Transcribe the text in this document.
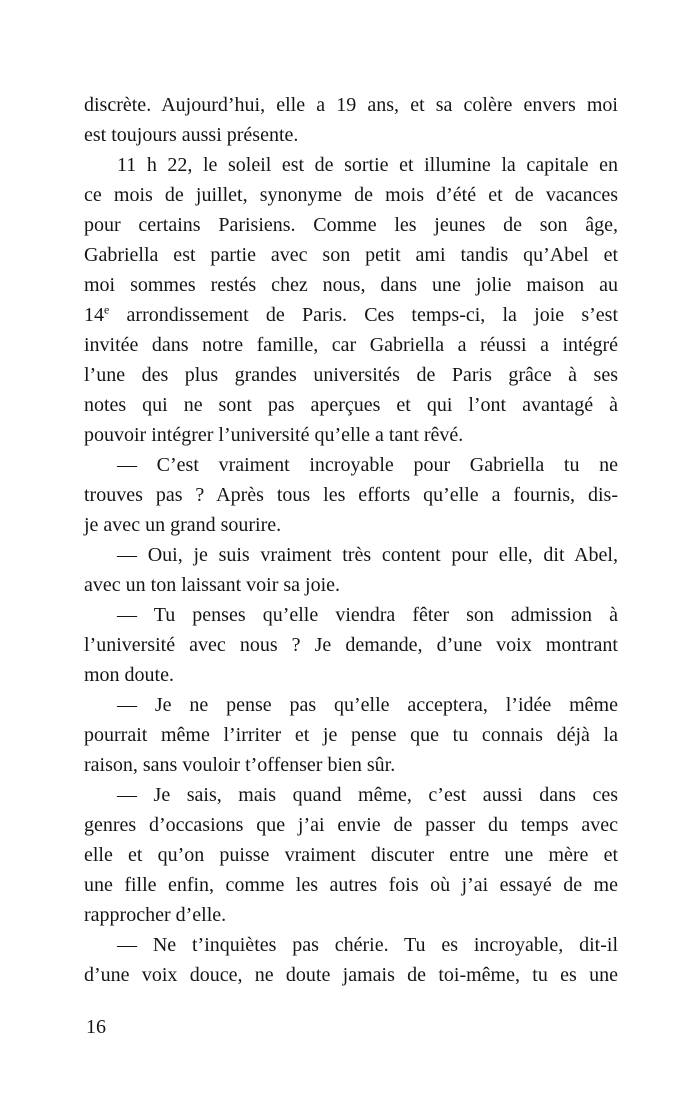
discrète. Aujourd’hui, elle a 19 ans, et sa colère envers moi
est toujours aussi présente.
11 h 22, le soleil est de sortie et illumine la capitale en
ce mois de juillet, synonyme de mois d’été et de vacances
pour certains Parisiens. Comme les jeunes de son âge,
Gabriella est partie avec son petit ami tandis qu’Abel et
moi sommes restés chez nous, dans une jolie maison au
14e arrondissement de Paris. Ces temps-ci, la joie s’est
invitée dans notre famille, car Gabriella a réussi a intégré
l’une des plus grandes universités de Paris grâce à ses
notes qui ne sont pas aperçues et qui l’ont avantagé à
pouvoir intégrer l’université qu’elle a tant rêvé.
— C’est vraiment incroyable pour Gabriella tu ne
trouves pas ? Après tous les efforts qu’elle a fournis, dis-
je avec un grand sourire.
— Oui, je suis vraiment très content pour elle, dit Abel,
avec un ton laissant voir sa joie.
— Tu penses qu’elle viendra fêter son admission à
l’université avec nous ? Je demande, d’une voix montrant
mon doute.
— Je ne pense pas qu’elle acceptera, l’idée même
pourrait même l’irriter et je pense que tu connais déjà la
raison, sans vouloir t’offenser bien sûr.
— Je sais, mais quand même, c’est aussi dans ces
genres d’occasions que j’ai envie de passer du temps avec
elle et qu’on puisse vraiment discuter entre une mère et
une fille enfin, comme les autres fois où j’ai essayé de me
rapprocher d’elle.
— Ne t’inquiètes pas chérie. Tu es incroyable, dit-il
d’une voix douce, ne doute jamais de toi-même, tu es une
16
